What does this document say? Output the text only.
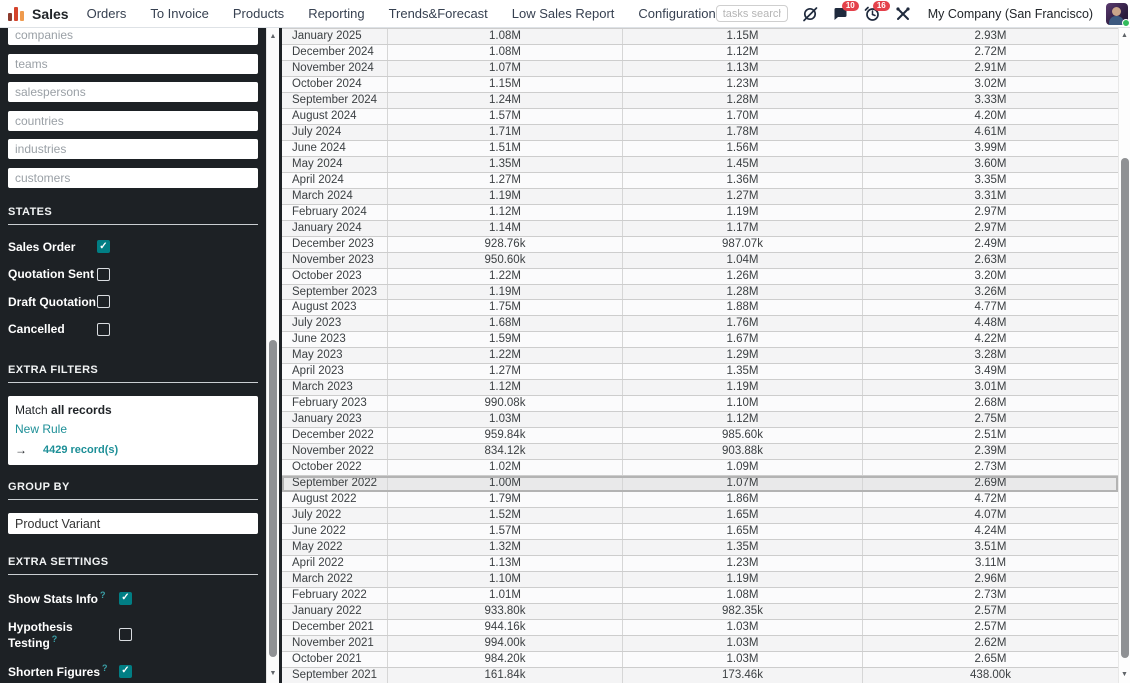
Sales Orders To Invoice Products Reporting Trends&Forecast Low Sales Report Configuration
tasks search
10	16
My Company (San Francisco)
companies
teams
salespersons
countries
industries
customers
STATES
Sales Order ✓
Quotation Sent
Draft Quotation
Cancelled
EXTRA FILTERS
Match all records
New Rule
→ 4429 record(s)
GROUP BY
Product Variant
EXTRA SETTINGS
Show Stats Info ? ✓
Hypothesis Testing ?
Shorten Figures ? ✓
▲
▼
January 2025	1.08M	1.15M	2.93M
December 2024	1.08M	1.12M	2.72M
November 2024	1.07M	1.13M	2.91M
October 2024	1.15M	1.23M	3.02M
September 2024	1.24M	1.28M	3.33M
August 2024	1.57M	1.70M	4.20M
July 2024	1.71M	1.78M	4.61M
June 2024	1.51M	1.56M	3.99M
May 2024	1.35M	1.45M	3.60M
April 2024	1.27M	1.36M	3.35M
March 2024	1.19M	1.27M	3.31M
February 2024	1.12M	1.19M	2.97M
January 2024	1.14M	1.17M	2.97M
December 2023	928.76k	987.07k	2.49M
November 2023	950.60k	1.04M	2.63M
October 2023	1.22M	1.26M	3.20M
September 2023	1.19M	1.28M	3.26M
August 2023	1.75M	1.88M	4.77M
July 2023	1.68M	1.76M	4.48M
June 2023	1.59M	1.67M	4.22M
May 2023	1.22M	1.29M	3.28M
April 2023	1.27M	1.35M	3.49M
March 2023	1.12M	1.19M	3.01M
February 2023	990.08k	1.10M	2.68M
January 2023	1.03M	1.12M	2.75M
December 2022	959.84k	985.60k	2.51M
November 2022	834.12k	903.88k	2.39M
October 2022	1.02M	1.09M	2.73M
September 2022	1.00M	1.07M	2.69M
August 2022	1.79M	1.86M	4.72M
July 2022	1.52M	1.65M	4.07M
June 2022	1.57M	1.65M	4.24M
May 2022	1.32M	1.35M	3.51M
April 2022	1.13M	1.23M	3.11M
March 2022	1.10M	1.19M	2.96M
February 2022	1.01M	1.08M	2.73M
January 2022	933.80k	982.35k	2.57M
December 2021	944.16k	1.03M	2.57M
November 2021	994.00k	1.03M	2.62M
October 2021	984.20k	1.03M	2.65M
September 2021	161.84k	173.46k	438.00k
▲
▼
